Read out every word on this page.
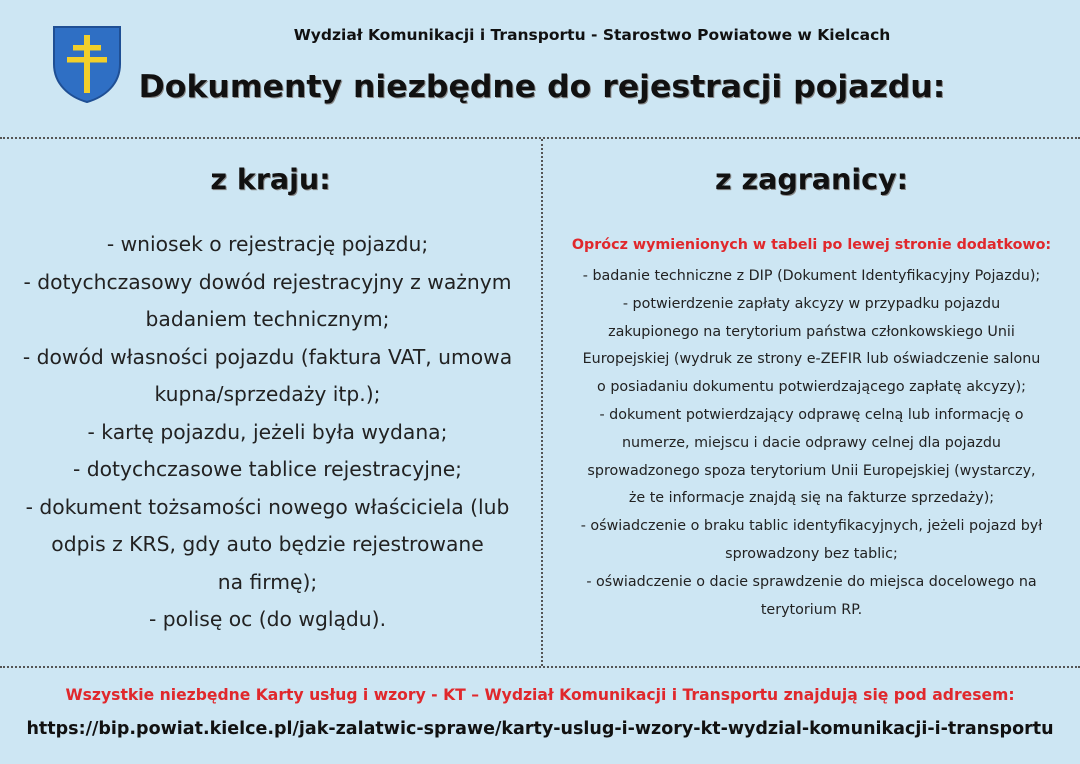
Wydział Komunikacji i Transportu - Starostwo Powiatowe w Kielcach
Dokumenty niezbędne do rejestracji pojazdu:
z kraju:
- wniosek o rejestrację pojazdu;
- dotychczasowy dowód rejestracyjny z ważnym
badaniem technicznym;
- dowód własności pojazdu (faktura VAT, umowa
kupna/sprzedaży itp.);
- kartę pojazdu, jeżeli była wydana;
- dotychczasowe tablice rejestracyjne;
- dokument tożsamości nowego właściciela (lub
odpis z KRS, gdy auto będzie rejestrowane
na firmę);
- polisę oc (do wglądu).
z zagranicy:
Oprócz wymienionych w tabeli po lewej stronie dodatkowo:
- badanie techniczne z DIP (Dokument Identyfikacyjny Pojazdu);
- potwierdzenie zapłaty akcyzy w przypadku pojazdu
zakupionego na terytorium państwa członkowskiego Unii
Europejskiej (wydruk ze strony e-ZEFIR lub oświadczenie salonu
o posiadaniu dokumentu potwierdzającego zapłatę akcyzy);
- dokument potwierdzający odprawę celną lub informację o
numerze, miejscu i dacie odprawy celnej dla pojazdu
sprowadzonego spoza terytorium Unii Europejskiej (wystarczy,
że te informacje znajdą się na fakturze sprzedaży);
- oświadczenie o braku tablic identyfikacyjnych, jeżeli pojazd był
sprowadzony bez tablic;
- oświadczenie o dacie sprawdzenie do miejsca docelowego na
terytorium RP.
Wszystkie niezbędne Karty usług i wzory - KT – Wydział Komunikacji i Transportu znajdują się pod adresem:
https://bip.powiat.kielce.pl/jak-zalatwic-sprawe/karty-uslug-i-wzory-kt-wydzial-komunikacji-i-transportu
